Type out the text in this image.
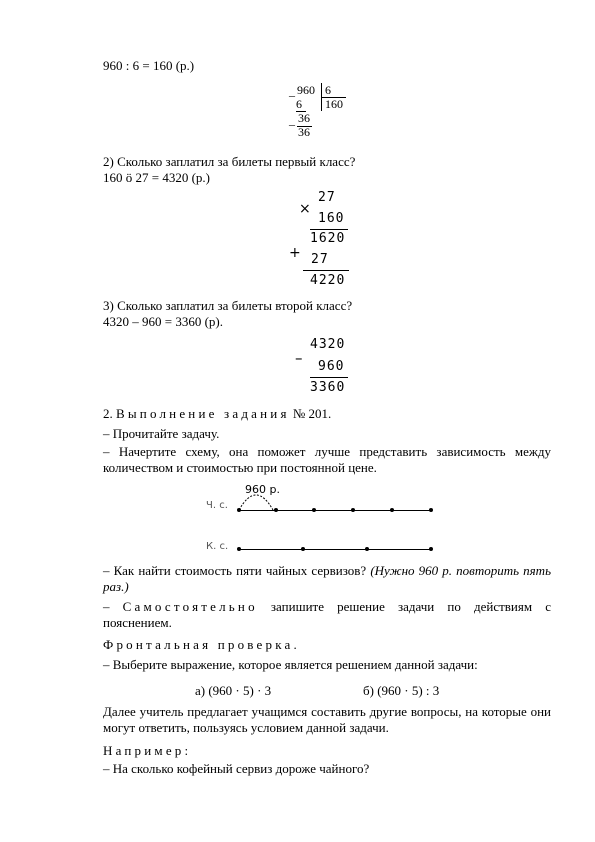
960 : 6 = 160 (р.)
_ 960 6
6 160
_ 36
36
2) Сколько заплатил за билеты первый класс?
160 ö 27 = 4320 (р.)
27
×
160
1620
+ 27
4220
3) Сколько заплатил за билеты второй класс?
4320 – 960 = 3360 (р).
4320
– 960
3360
2. Выполнение задания № 201.
– Прочитайте задачу.
– Начертите схему, она поможет лучше представить зависимость между количеством и стоимостью при постоянной цене.
Ч. с.
К. с.
960 р.
– Как найти стоимость пяти чайных сервизов? (Нужно 960 р. повторить пять раз.)
– Самостоятельно запишите решение задачи по действиям с пояснением.
Фронтальная проверка.
– Выберите выражение, которое является решением данной задачи:
а) (960 · 5) · 3	б) (960 · 5) : 3
Далее учитель предлагает учащимся составить другие вопросы, на которые они могут ответить, пользуясь условием данной задачи.
Например:
– На сколько кофейный сервиз дороже чайного?
